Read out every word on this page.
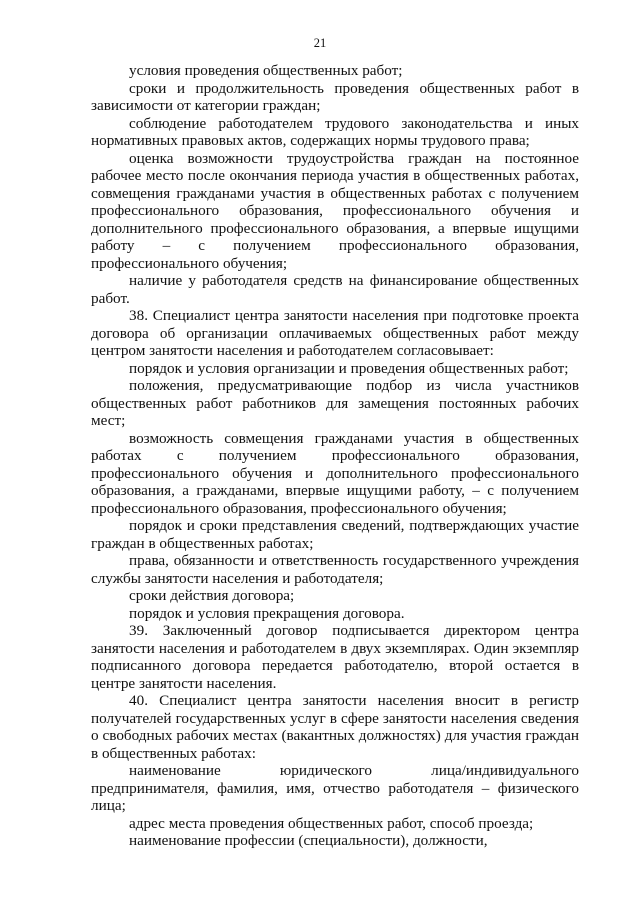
21

условия проведения общественных работ;

сроки и продолжительность проведения общественных работ в зависимости от категории граждан;

соблюдение работодателем трудового законодательства и иных нормативных правовых актов, содержащих нормы трудового права;

оценка возможности трудоустройства граждан на постоянное рабочее место после окончания периода участия в общественных работах, совмещения гражданами участия в общественных работах с получением профессионального образования, профессионального обучения и дополнительного профессионального образования, а впервые ищущими работу – с получением профессионального образования, профессионального обучения;

наличие у работодателя средств на финансирование общественных работ.

38. Специалист центра занятости населения при подготовке проекта договора об организации оплачиваемых общественных работ между центром занятости населения и работодателем согласовывает:

порядок и условия организации и проведения общественных работ;

положения, предусматривающие подбор из числа участников общественных работ работников для замещения постоянных рабочих мест;

возможность совмещения гражданами участия в общественных работах с получением профессионального образования, профессионального обучения и дополнительного профессионального образования, а гражданами, впервые ищущими работу, – с получением профессионального образования, профессионального обучения;

порядок и сроки представления сведений, подтверждающих участие граждан в общественных работах;

права, обязанности и ответственность государственного учреждения службы занятости населения и работодателя;

сроки действия договора;

порядок и условия прекращения договора.

39. Заключенный договор подписывается директором центра занятости населения и работодателем в двух экземплярах. Один экземпляр подписанного договора передается работодателю, второй остается в центре занятости населения.

40. Специалист центра занятости населения вносит в регистр получателей государственных услуг в сфере занятости населения сведения о свободных рабочих местах (вакантных должностях) для участия граждан в общественных работах:

наименование юридического лица/индивидуального предпринимателя, фамилия, имя, отчество работодателя – физического лица;

адрес места проведения общественных работ, способ проезда;

наименование профессии (специальности), должности,
